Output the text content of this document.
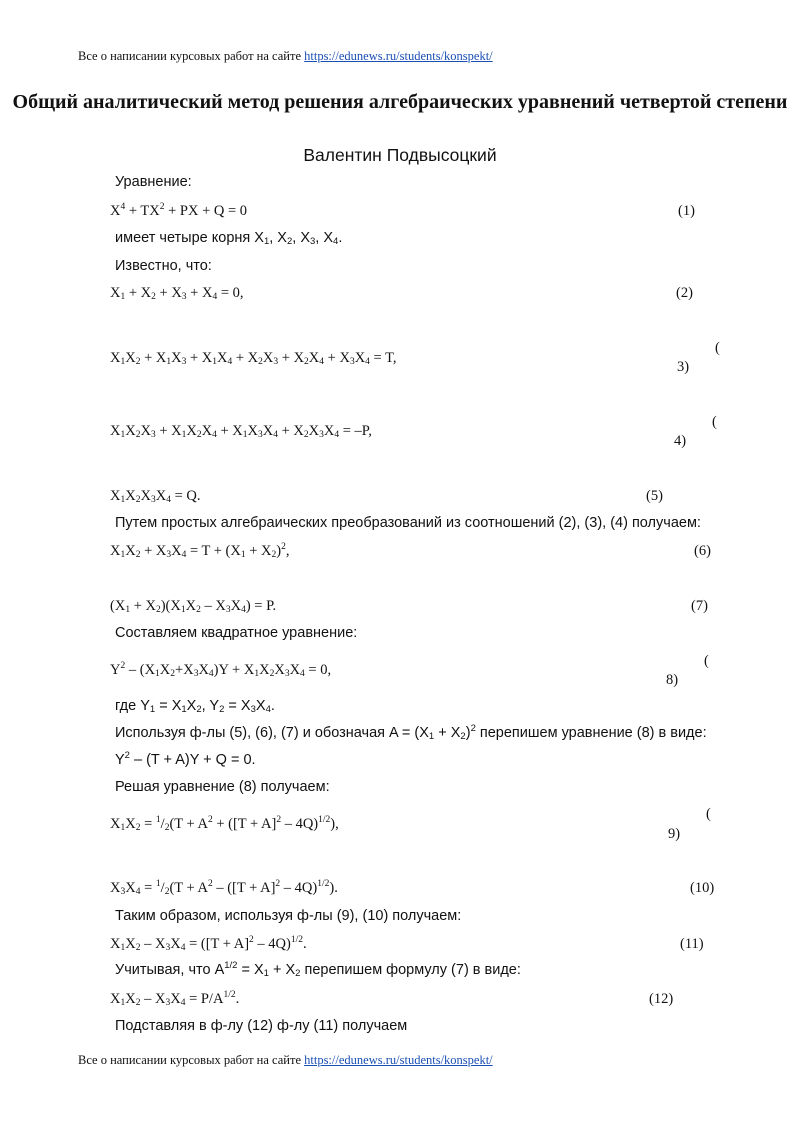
Все о написании курсовых работ на сайте https://edunews.ru/students/konspekt/
Общий аналитический метод решения алгебраических уравнений четвертой степени
Валентин Подвысоцкий
Уравнение:
$X^4 + TX^2$ + PX + Q = 0	(1)
имеет четыре корня $X_1$, $X_2$, $X_3$, $X_4$.
Известно, что:
$X_1 + X_2 + X_3 + X_4 = 0$,	(2)
$X_1X_2 + X_1X_3 + X_1X_4 + X_2X_3 + X_2X_4 + X_3X_4 = T$,
(
3)
$X_1X_2X_3 + X_1X_2X_4 + X_1X_3X_4 + X_2X_3X_4 = -P$,
(
4)
$X_1X_2X_3X_4 = Q$.	(5)
Путем простых алгебраических преобразований из соотношений (2), (3), (4) получаем:
$X_1X_2 + X_3X_4 = T + (X_1 + X_2)^2$,	(6)
$(X_1 + X_2)(X_1X_2 - X_3X_4) = P$.	(7)
Составляем квадратное уравнение:
$Y^2 - (X_1X_2+X_3X_4)Y + X_1X_2X_3X_4 = 0$,
(
8)
где $Y_1 = X_1X_2$, $Y_2 = X_3X_4$.
Используя ф-лы (5), (6), (7) и обозначая $A = (X_1 + X_2)^2$ перепишем уравнение (8) в виде:
$Y^2 - (T + A)Y + Q = 0$.
Решая уравнение (8) получаем:
$X_1X_2 = ^1/_2(T + A^2 + ([T + A]^2 - 4Q)^{1/2})$,
(
9)
$X_3X_4 = ^1/_2(T + A^2 - ([T + A]^2 - 4Q)^{1/2})$.	(10)
Таким образом, используя ф-лы (9), (10) получаем:
$X_1X_2 - X_3X_4 = ([T + A]^2 - 4Q)^{1/2}$.	(11)
Учитывая, что $A^{1/2} = X_1 + X_2$ перепишем формулу (7) в виде:
$X_1X_2 - X_3X_4 = P/A^{1/2}$.	(12)
Подставляя в ф-лу (12) ф-лу (11) получаем
Все о написании курсовых работ на сайте https://edunews.ru/students/konspekt/
